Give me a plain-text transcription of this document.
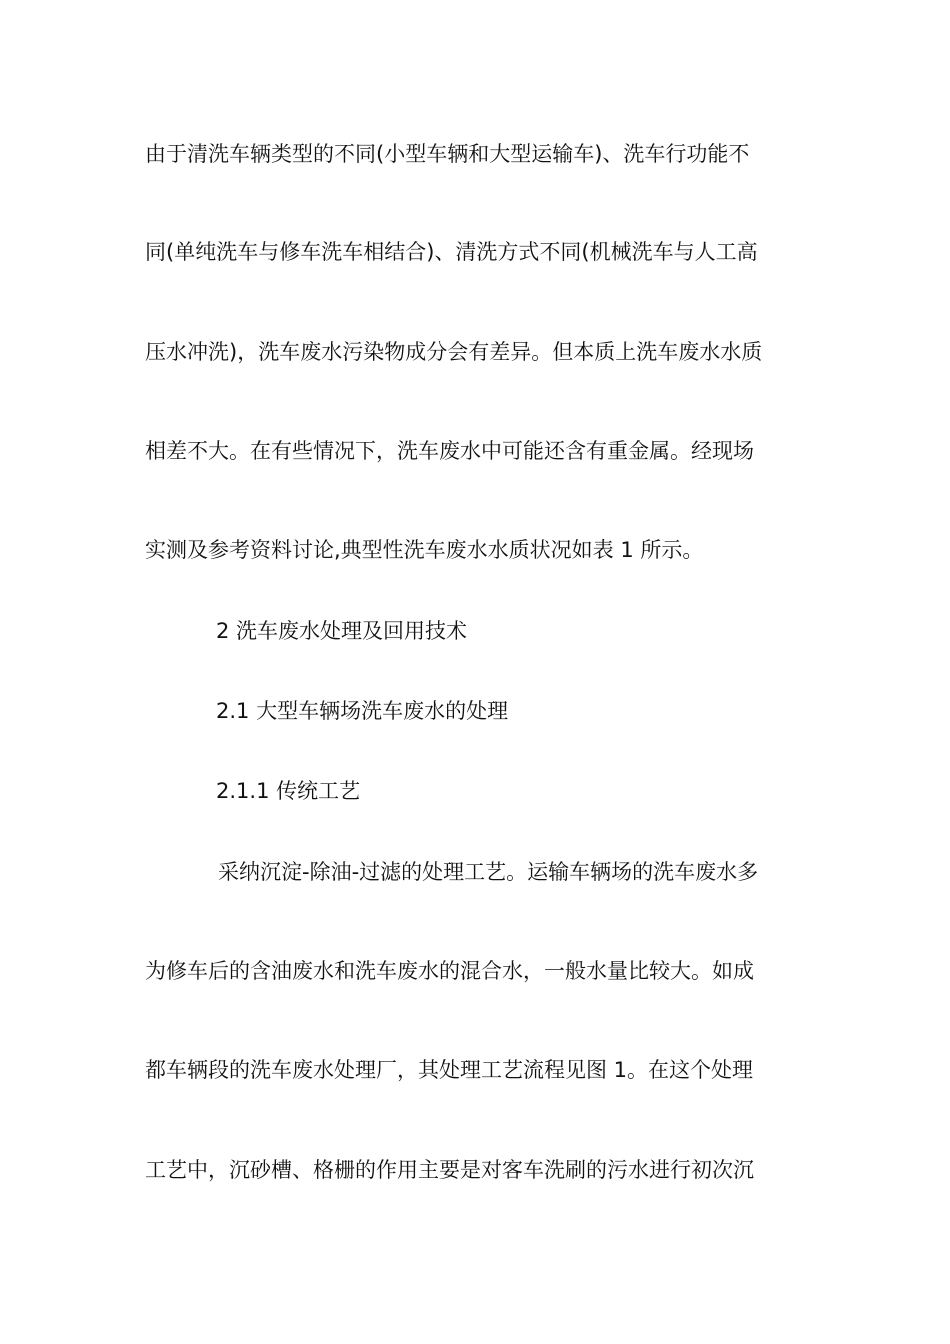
由于清洗车辆类型的不同(小型车辆和大型运输车)、洗车行功能不
同(单纯洗车与修车洗车相结合)、清洗方式不同(机械洗车与人工高
压水冲洗)，洗车废水污染物成分会有差异。但本质上洗车废水水质
相差不大。在有些情况下，洗车废水中可能还含有重金属。经现场
实测及参考资料讨论,典型性洗车废水水质状况如表 1 所示。
2 洗车废水处理及回用技术
2.1 大型车辆场洗车废水的处理
2.1.1 传统工艺
采纳沉淀-除油-过滤的处理工艺。运输车辆场的洗车废水多
为修车后的含油废水和洗车废水的混合水，一般水量比较大。如成
都车辆段的洗车废水处理厂，其处理工艺流程见图 1。在这个处理
工艺中，沉砂槽、格栅的作用主要是对客车洗刷的污水进行初次沉
